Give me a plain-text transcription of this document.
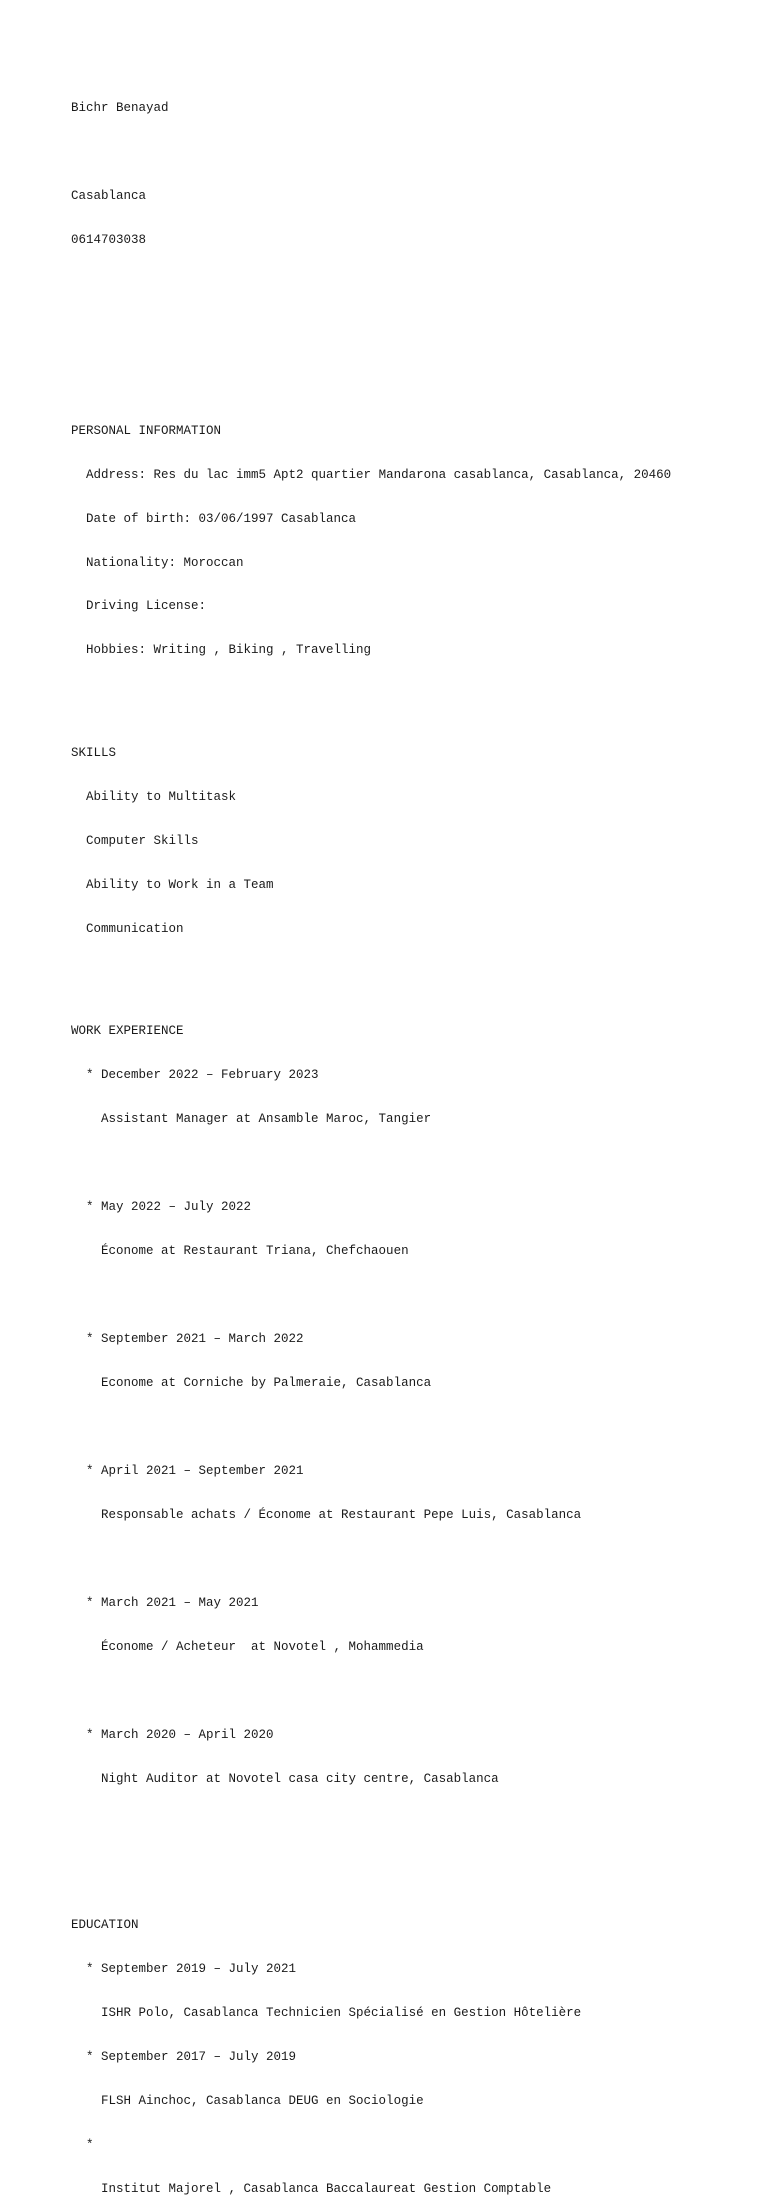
Bichr Benayad

Casablanca

0614703038

PERSONAL INFORMATION

Address: Res du lac imm5 Apt2 quartier Mandarona casablanca, Casablanca, 20460

Date of birth: 03/06/1997 Casablanca

Nationality: Moroccan

Driving License:

Hobbies: Writing , Biking , Travelling

SKILLS

Ability to Multitask

Computer Skills

Ability to Work in a Team

Communication

WORK EXPERIENCE

* December 2022 – February 2023

Assistant Manager at Ansamble Maroc, Tangier

* May 2022 – July 2022

Économe at Restaurant Triana, Chefchaouen

* September 2021 – March 2022

Econome at Corniche by Palmeraie, Casablanca

* April 2021 – September 2021

Responsable achats / Économe at Restaurant Pepe Luis, Casablanca

* March 2021 – May 2021

Économe / Acheteur  at Novotel , Mohammedia

* March 2020 – April 2020

Night Auditor at Novotel casa city centre, Casablanca

EDUCATION

* September 2019 – July 2021

ISHR Polo, Casablanca Technicien Spécialisé en Gestion Hôtelière

* September 2017 – July 2019

FLSH Ainchoc, Casablanca DEUG en Sociologie

*

Institut Majorel , Casablanca Baccalaureat Gestion Comptable
